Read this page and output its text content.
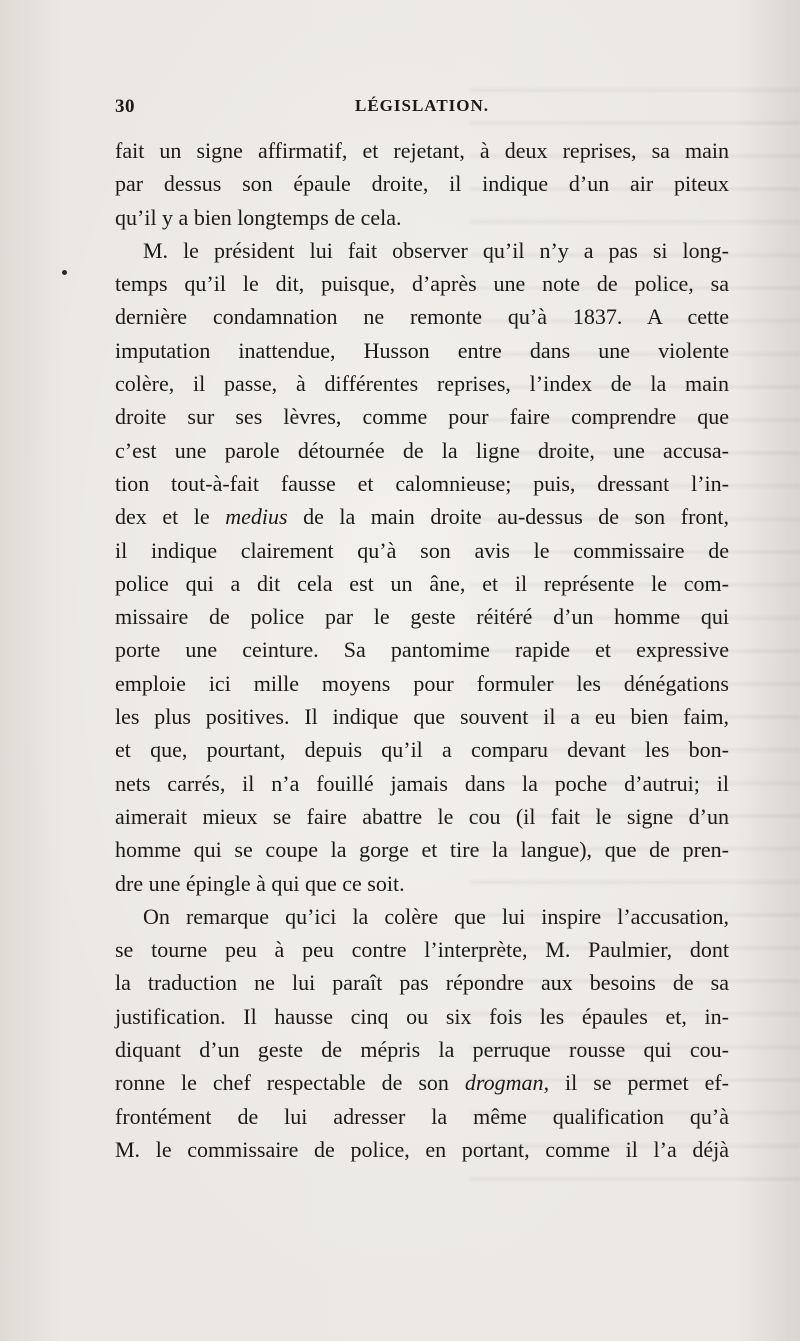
30	LÉGISLATION.
fait un signe affirmatif, et rejetant, à deux reprises, sa main
par dessus son épaule droite, il indique d’un air piteux
qu’il y a bien longtemps de cela.
M. le président lui fait observer qu’il n’y a pas si long-
temps qu’il le dit, puisque, d’après une note de police, sa
dernière condamnation ne remonte qu’à 1837. A cette
imputation inattendue, Husson entre dans une violente
colère, il passe, à différentes reprises, l’index de la main
droite sur ses lèvres, comme pour faire comprendre que
c’est une parole détournée de la ligne droite, une accusa-
tion tout-à-fait fausse et calomnieuse; puis, dressant l’in-
dex et le medius de la main droite au-dessus de son front,
il indique clairement qu’à son avis le commissaire de
police qui a dit cela est un âne, et il représente le com-
missaire de police par le geste réitéré d’un homme qui
porte une ceinture. Sa pantomime rapide et expressive
emploie ici mille moyens pour formuler les dénégations
les plus positives. Il indique que souvent il a eu bien faim,
et que, pourtant, depuis qu’il a comparu devant les bon-
nets carrés, il n’a fouillé jamais dans la poche d’autrui; il
aimerait mieux se faire abattre le cou (il fait le signe d’un
homme qui se coupe la gorge et tire la langue), que de pren-
dre une épingle à qui que ce soit.
On remarque qu’ici la colère que lui inspire l’accusation,
se tourne peu à peu contre l’interprète, M. Paulmier, dont
la traduction ne lui paraît pas répondre aux besoins de sa
justification. Il hausse cinq ou six fois les épaules et, in-
diquant d’un geste de mépris la perruque rousse qui cou-
ronne le chef respectable de son drogman, il se permet ef-
frontément de lui adresser la même qualification qu’à
M. le commissaire de police, en portant, comme il l’a déjà
